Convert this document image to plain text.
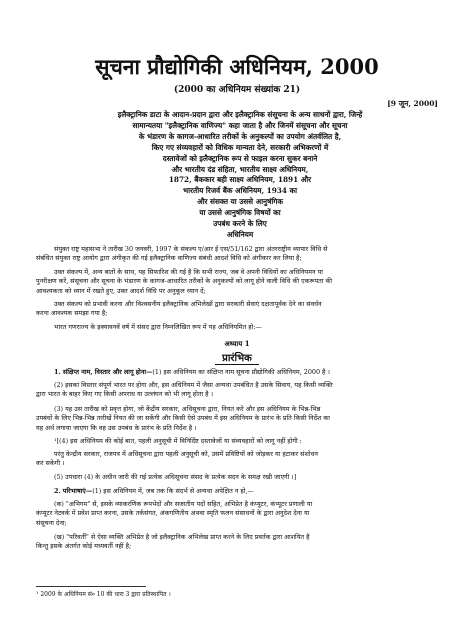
सूचना प्रौद्योगिकी अधिनियम, 2000
(2000 का अधिनियम संख्यांक 21)
[9 जून, 2000]
इलैक्ट्रानिक डाटा के आदान-प्रदान द्वारा और इलैक्ट्रानिक संसूचना के अन्य साधनों द्वारा, जिन्हें
सामान्यतया "इलैक्ट्रानिक वाणिज्य" कहा जाता है और जिनमें संसूचना और सूचना
के भंडारण के कागज-आधारित तरीकों के अनुकल्पों का उपयोग अंतर्वलित है,
किए गए संव्यवहारों को विधिक मान्यता देने, सरकारी अभिकरणों में
दस्तावेजों को इलैक्ट्रानिक रूप से फाइल करना सुकर बनाने
और भारतीय दंड संहिता, भारतीय साक्ष्य अधिनियम,
1872, बैंककार बही साक्ष्य अधिनियम, 1891 और
भारतीय रिजर्व बैंक अधिनियम, 1934 का
और संसक्त या उससे आनुषंगिक
या उससे आनुषंगिक विषयों का
उपबंध करने के लिए
अधिनियम
संयुक्त राष्ट्र महासभा ने तारीख 30 जनवरी, 1997 के संकल्प ए/आर ई एस/51/162 द्वारा अंतरराष्ट्रीय व्यापार विधि से
संबंधित संयुक्त राष्ट्र आयोग द्वारा अंगीकृत की गई इलैक्ट्रानिक वाणिज्य संबंधी आदर्श विधि को अंगीकार कर लिया है;
उक्त संकल्प में, अन्य बातों के साथ, यह सिफारिश की गई है कि सभी राज्य, जब वे अपनी विधियों का अधिनियमन या
पुनरीक्षण करें, संसूचना और सूचना के भंडारण के कागज-आधारित तरीकों के अनुकल्पों को लागू होने वाली विधि की एकरूपता की
आवश्यकता को ध्यान में रखते हुए, उक्त आदर्श विधि पर अनुकूल ध्यान दें;
उक्त संकल्प को प्रभावी करना और विश्वसनीय इलैक्ट्रानिक अभिलेखों द्वारा सरकारी सेवाएं दक्षतापूर्वक देने का संवर्धन
करना आवश्यक समझा गया है;
भारत गणराज्य के इक्यावनवें वर्ष में संसद द्वारा निम्नलिखित रूप में यह अधिनियमित हो:—
अध्याय 1
प्रारंभिक
1. संक्षिप्त नाम, विस्तार और लागू होना—(1) इस अधिनियम का संक्षिप्त नाम सूचना प्रौद्योगिकी अधिनियम, 2000 है ।
(2) इसका विस्तार संपूर्ण भारत पर होगा और, इस अधिनियम में जैसा अन्यथा उपबंधित है उसके सिवाय, यह किसी व्यक्ति
द्वारा भारत के बाहर किए गए किसी अपराध या उल्लंघन को भी लागू होता है ।
(3) यह उस तारीख को प्रवृत्त होगा, जो केंद्रीय सरकार, अधिसूचना द्वारा, नियत करे और इस अधिनियम के भिन्न-भिन्न
उपबंधों के लिए भिन्न-भिन्न तारीखें नियत की जा सकेंगी और किसी ऐसे उपबंध में इस अधिनियम के प्रारंभ के प्रति किसी निर्देश का
यह अर्थ लगाया जाएगा कि वह उस उपबंध के प्रारंभ के प्रति निर्देश है ।
¹[(4) इस अधिनियम की कोई बात, पहली अनुसूची में विनिर्दिष्ट दस्तावेजों या संव्यवहारों को लागू नहीं होगी :
परंतु केन्द्रीय सरकार, राजपत्र में अधिसूचना द्वारा पहली अनुसूची को, उसमें प्रविष्टियों को जोड़कर या हटाकर संशोधन
कर सकेगी ।
(5) उपधारा (4) के अधीन जारी की गई प्रत्येक अधिसूचना संसद के प्रत्येक सदन के समक्ष रखी जाएगी ।]
2. परिभाषाएं—(1) इस अधिनियम में, जब तक कि संदर्भ से अन्यथा अपेक्षित न हो,—
(क) "अभिगम" से, इसके व्याकरणिक रूपभेदों और सजातीय पदों सहित, अभिप्रेत है कंप्यूटर, कंप्यूटर प्रणाली या
कंप्यूटर नेटवर्क में प्रवेश प्राप्त करना, उसके तर्कसंगत, अंकगणितीय अथवा स्मृति फलन संसाधनों के द्वारा अनुदेश देना या
संसूचना देना;
(ख) "परिवर्ती" से ऐसा व्यक्ति अभिप्रेत है जो इलैक्ट्रानिक अभिलेख प्राप्त करने के लिए प्रवर्तक द्वारा आशयित है
किन्तु इसके अंतर्गत कोई मध्यवर्ती नहीं है;
¹ 2009 के अधिनियम सं० 10 की धारा 3 द्वारा प्रतिस्थापित ।
